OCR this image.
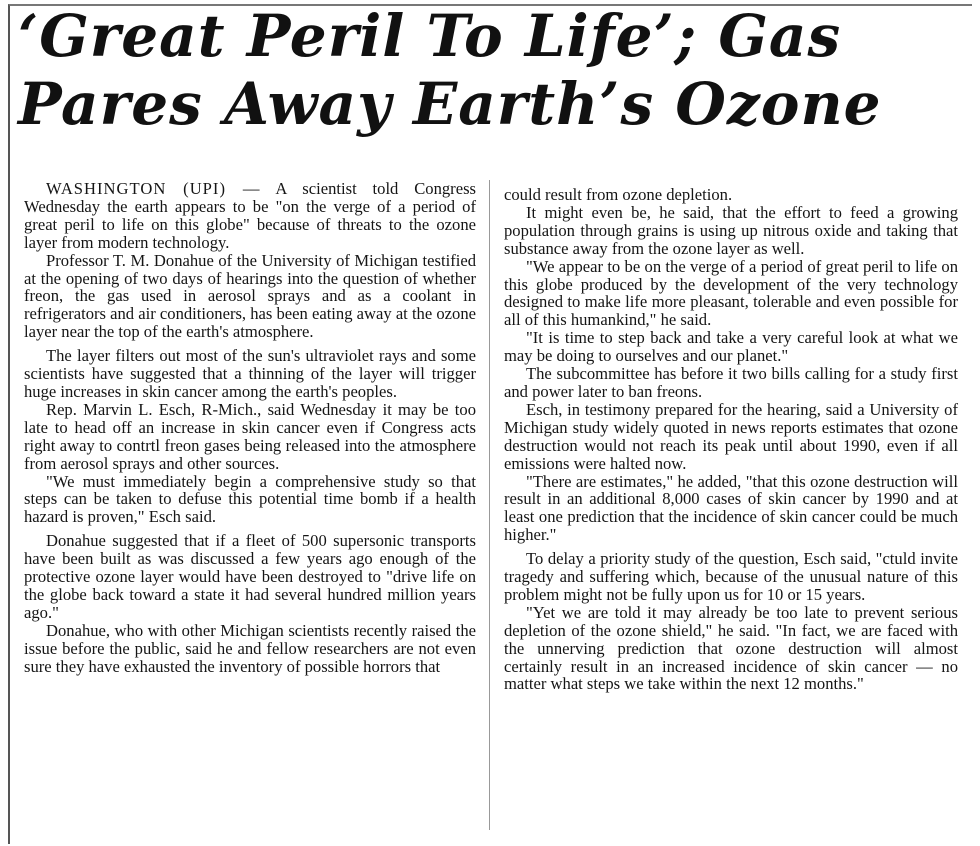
‘Great Peril To Life’; Gas
Pares Away Earth’s Ozone

WASHINGTON (UPI) — A scientist told Congress Wednesday the earth appears to be "on the verge of a period of great peril to life on this globe" because of threats to the ozone layer from modern technology.

Professor T. M. Donahue of the University of Michigan testified at the opening of two days of hearings into the question of whether freon, the gas used in aerosol sprays and as a coolant in refrigerators and air conditioners, has been eating away at the ozone layer near the top of the earth's atmosphere.

The layer filters out most of the sun's ultraviolet rays and some scientists have suggested that a thinning of the layer will trigger huge increases in skin cancer among the earth's peoples.

Rep. Marvin L. Esch, R-Mich., said Wednesday it may be too late to head off an increase in skin cancer even if Congress acts right away to contrtl freon gases being released into the atmosphere from aerosol sprays and other sources.

"We must immediately begin a comprehensive study so that steps can be taken to defuse this potential time bomb if a health hazard is proven," Esch said.

Donahue suggested that if a fleet of 500 supersonic transports have been built as was discussed a few years ago enough of the protective ozone layer would have been destroyed to "drive life on the globe back toward a state it had several hundred million years ago."

Donahue, who with other Michigan scientists recently raised the issue before the public, said he and fellow researchers are not even sure they have exhausted the inventory of possible horrors that

could result from ozone depletion.

It might even be, he said, that the effort to feed a growing population through grains is using up nitrous oxide and taking that substance away from the ozone layer as well.

"We appear to be on the verge of a period of great peril to life on this globe produced by the development of the very technology designed to make life more pleasant, tolerable and even possible for all of this humankind," he said.

"It is time to step back and take a very careful look at what we may be doing to ourselves and our planet."

The subcommittee has before it two bills calling for a study first and power later to ban freons.

Esch, in testimony prepared for the hearing, said a University of Michigan study widely quoted in news reports estimates that ozone destruction would not reach its peak until about 1990, even if all emissions were halted now.

"There are estimates," he added, "that this ozone destruction will result in an additional 8,000 cases of skin cancer by 1990 and at least one prediction that the incidence of skin cancer could be much higher."

To delay a priority study of the question, Esch said, "ctuld invite tragedy and suffering which, because of the unusual nature of this problem might not be fully upon us for 10 or 15 years.

"Yet we are told it may already be too late to prevent serious depletion of the ozone shield," he said. "In fact, we are faced with the unnerving prediction that ozone destruction will almost certainly result in an increased incidence of skin cancer — no matter what steps we take within the next 12 months."
